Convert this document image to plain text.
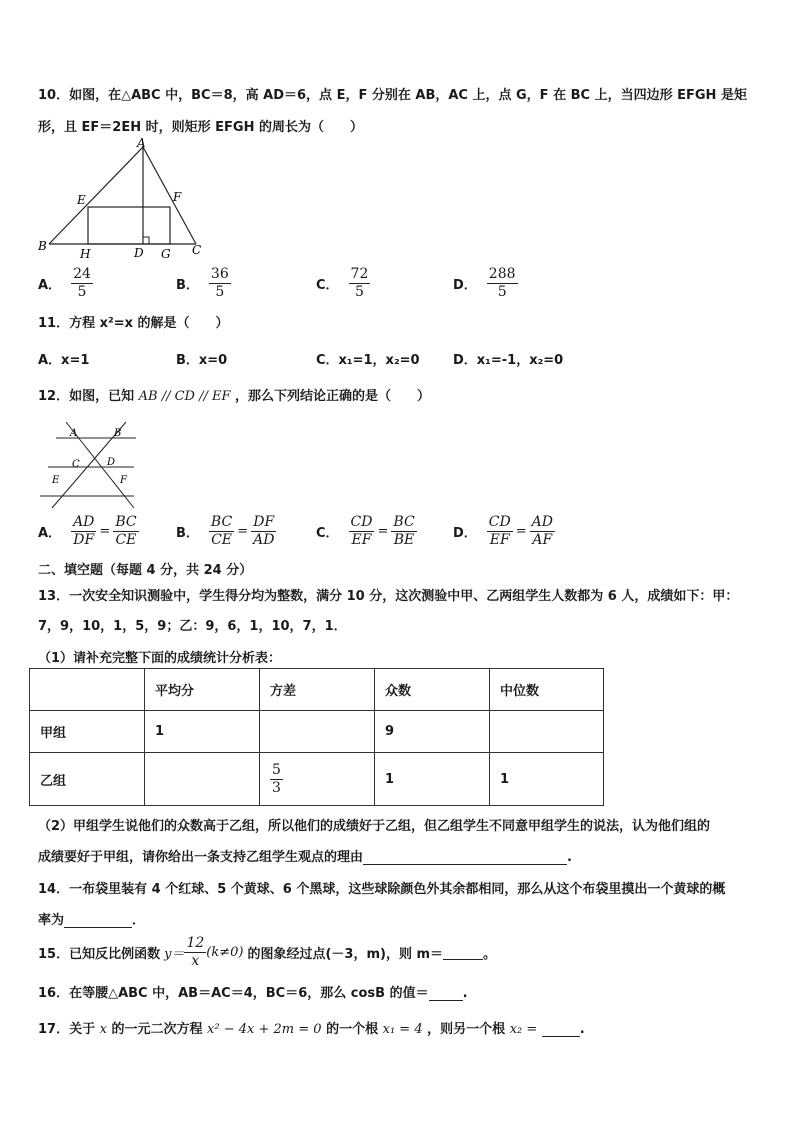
10．如图，在△ABC 中，BC＝8，高 AD＝6，点 E，F 分别在 AB，AC 上，点 G，F 在 BC 上，当四边形 EFGH 是矩
形，且 EF＝2EH 时，则矩形 EFGH 的周长为（　　）
A
B	C
D
E	F
G
H
A． $\frac{24}{5}$	B． $\frac{36}{5}$	C． $\frac{72}{5}$	D． $\frac{288}{5}$
11．方程 x²=x 的解是（　　）
A．x=1	B．x=0	C．x₁=1，x₂=0	D．x₁=-1，x₂=0
12．如图，已知 AB // CD // EF ，那么下列结论正确的是（　　）
A	B
C	D
E	F
A． $\frac{AD}{DF} = \frac{BC}{CE}$	B． $\frac{BC}{CE} = \frac{DF}{AD}$	C． $\frac{CD}{EF} = \frac{BC}{BE}$	D． $\frac{CD}{EF} = \frac{AD}{AF}$
二、填空题（每题 4 分，共 24 分）
13．一次安全知识测验中，学生得分均为整数，满分 10 分，这次测验中甲、乙两组学生人数都为 6 人，成绩如下：甲：
7，9，10，1，5，9；乙：9，6，1，10，7，1．
（1）请补充完整下面的成绩统计分析表：
	平均分	方差	众数	中位数
甲组	1		9	
乙组		$\frac{5}{3}$	1	1
（2）甲组学生说他们的众数高于乙组，所以他们的成绩好于乙组，但乙组学生不同意甲组学生的说法，认为他们组的
成绩要好于甲组，请你给出一条支持乙组学生观点的理由	.
14．一布袋里装有 4 个红球、5 个黄球、6 个黑球，这些球除颜色外其余都相同，那么从这个布袋里摸出一个黄球的概
率为	．
15．已知反比例函数 $y= \frac{12}{x} (k\ne 0)$ 的图象经过点(－3，m)，则 m＝	。
16．在等腰△ABC 中，AB＝AC＝4，BC＝6，那么 cosB 的值＝	.
17．关于 x 的一元二次方程 x² − 4x + 2m = 0 的一个根 x₁ = 4 ，则另一个根 x₂ =	.
